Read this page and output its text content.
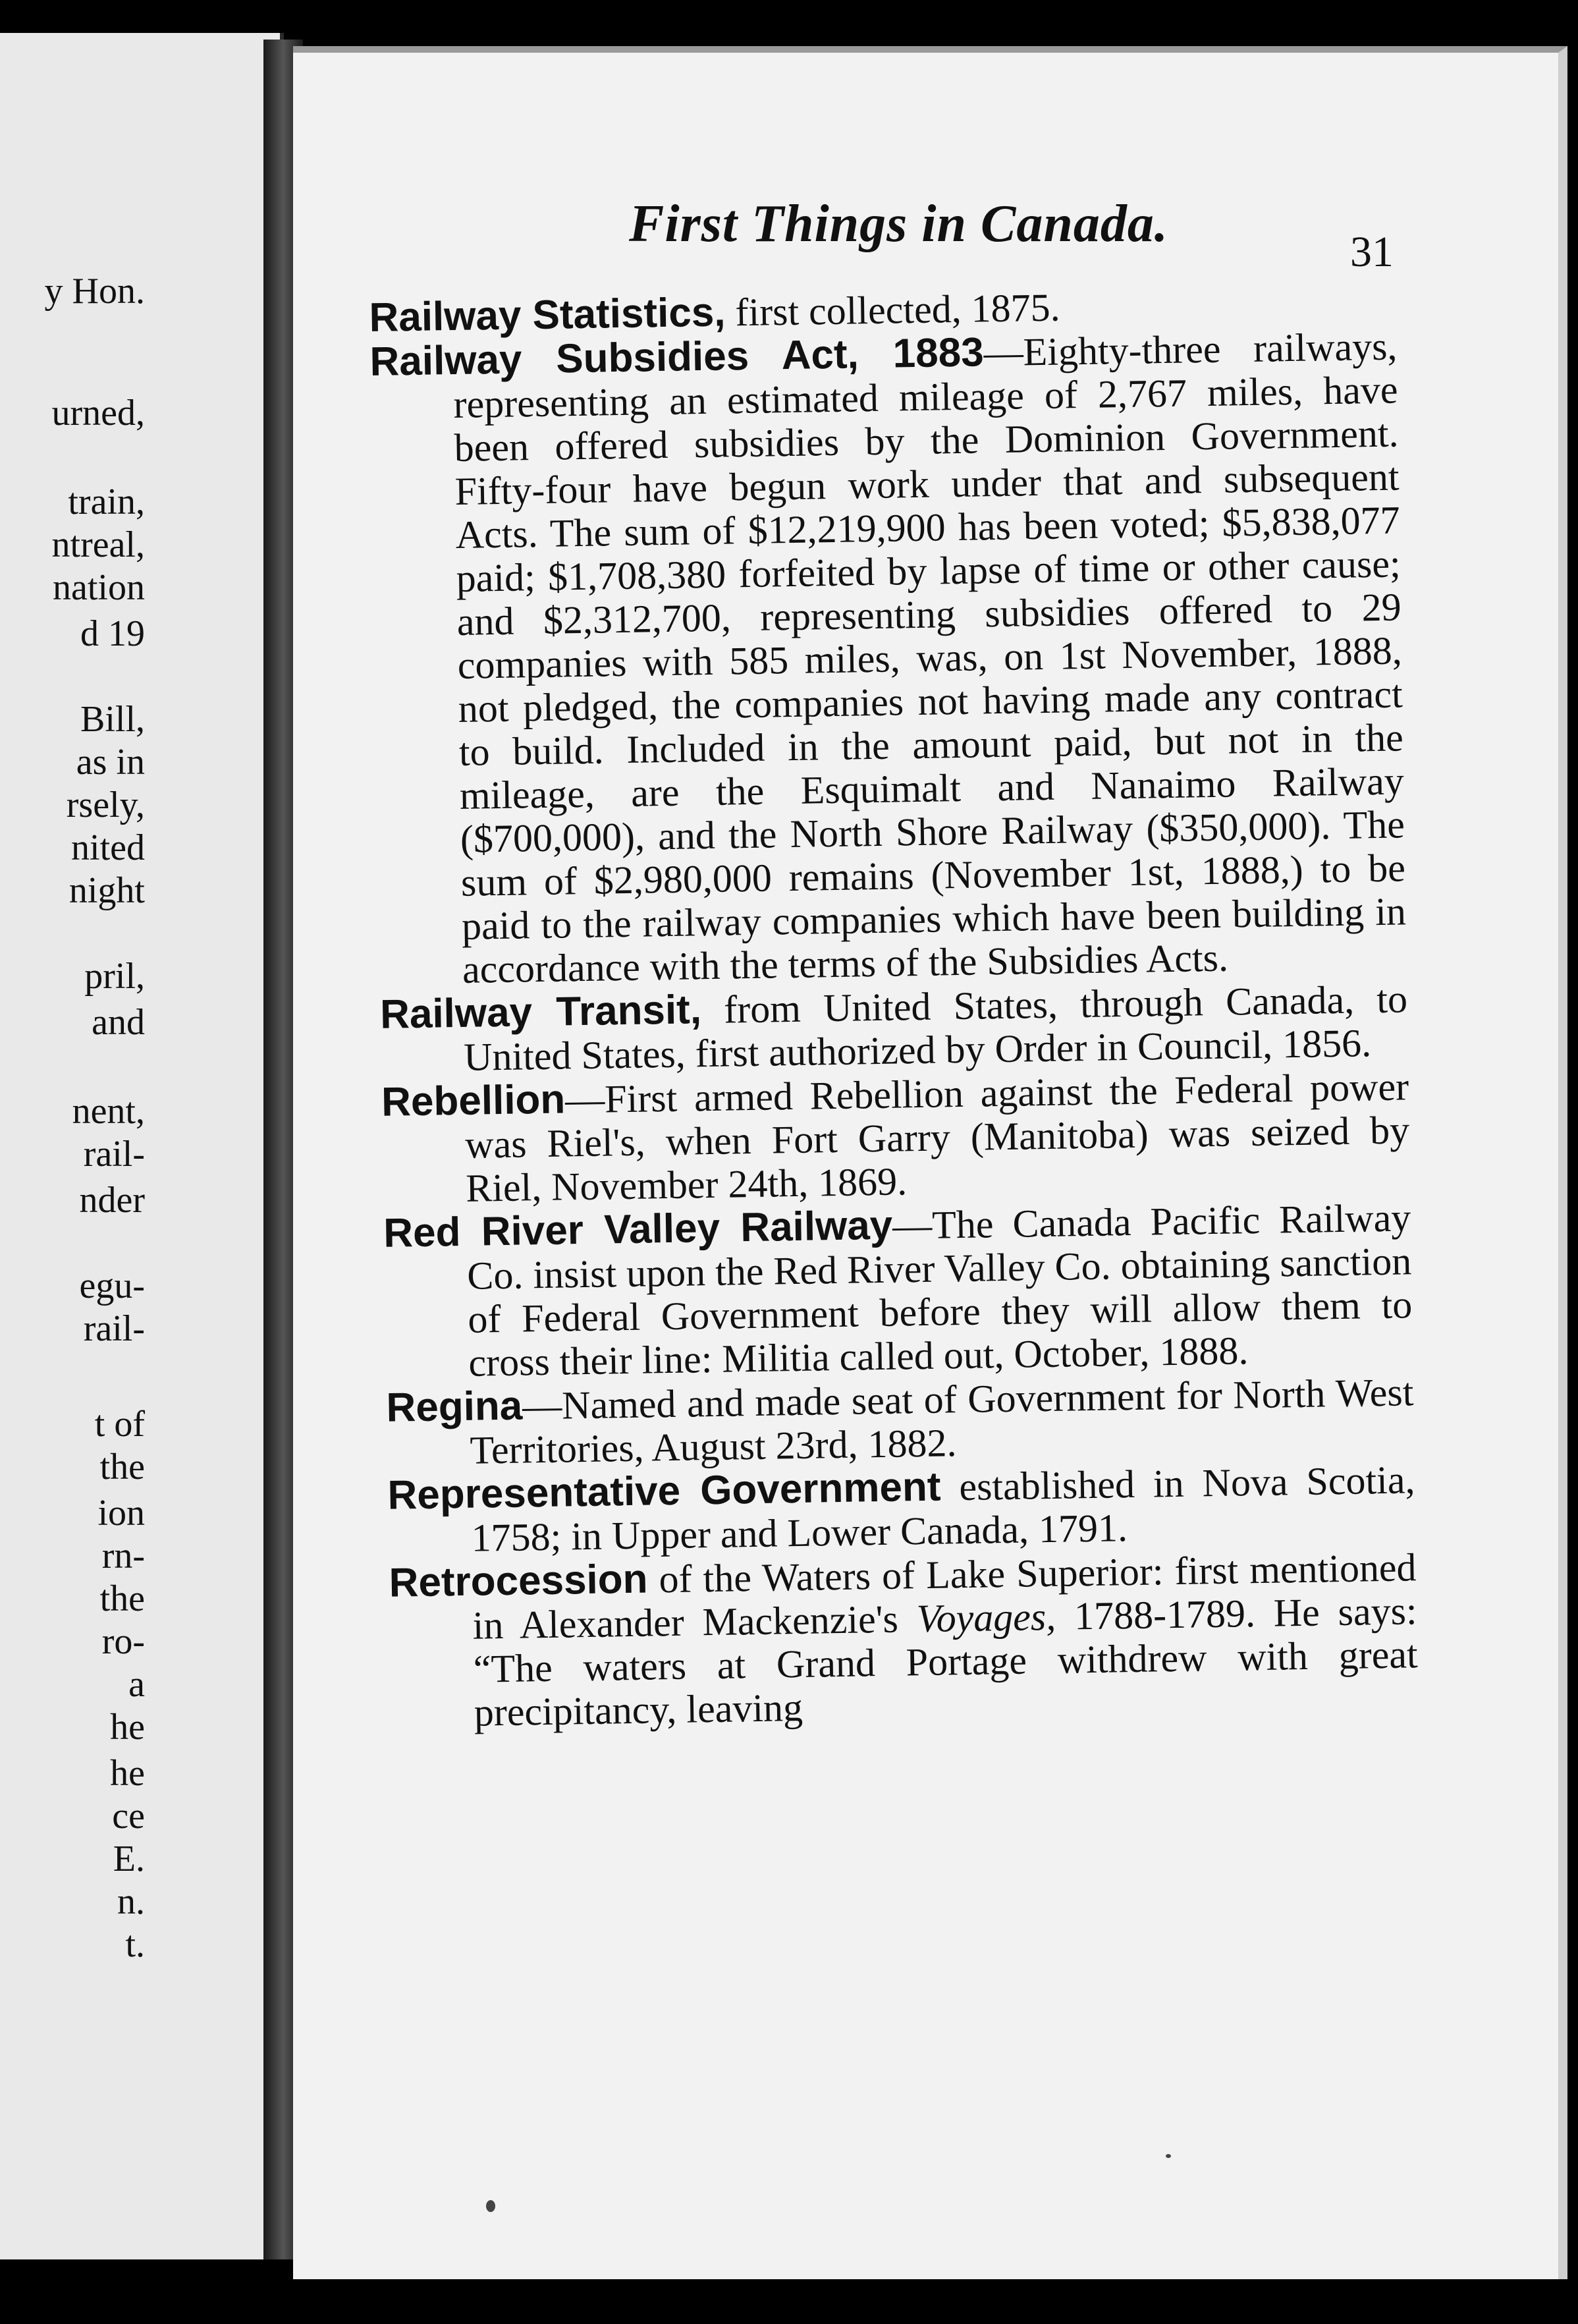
y Hon.
urned,
train,
ntreal,
nation
d 19
Bill,
as in
rsely,
nited
night
pril,
and
nent,
rail-
nder
egu-
rail-
t of
the
ion
rn-
the
ro-
a
he
he
ce
E.
n.
t.
First Things in Canada.	31

Railway Statistics, first collected, 1875.

Railway Subsidies Act, 1883—Eighty-three railways, representing an estimated mileage of 2,767 miles, have been offered subsidies by the Dominion Government. Fifty-four have begun work under that and subsequent Acts. The sum of $12,219,900 has been voted; $5,838,077 paid; $1,708,380 forfeited by lapse of time or other cause; and $2,312,700, representing subsidies offered to 29 companies with 585 miles, was, on 1st November, 1888, not pledged, the companies not having made any contract to build. Included in the amount paid, but not in the mileage, are the Esquimalt and Nanaimo Railway ($700,000), and the North Shore Railway ($350,000). The sum of $2,980,000 remains (November 1st, 1888,) to be paid to the railway companies which have been building in accordance with the terms of the Subsidies Acts.

Railway Transit, from United States, through Canada, to United States, first authorized by Order in Council, 1856.

Rebellion—First armed Rebellion against the Federal power was Riel's, when Fort Garry (Manitoba) was seized by Riel, November 24th, 1869.

Red River Valley Railway—The Canada Pacific Railway Co. insist upon the Red River Valley Co. obtaining sanction of Federal Government before they will allow them to cross their line: Militia called out, October, 1888.

Regina—Named and made seat of Government for North West Territories, August 23rd, 1882.

Representative Government established in Nova Scotia, 1758; in Upper and Lower Canada, 1791.

Retrocession of the Waters of Lake Superior: first mentioned in Alexander Mackenzie's Voyages, 1788-1789. He says: “The waters at Grand Portage withdrew with great precipitancy, leaving
